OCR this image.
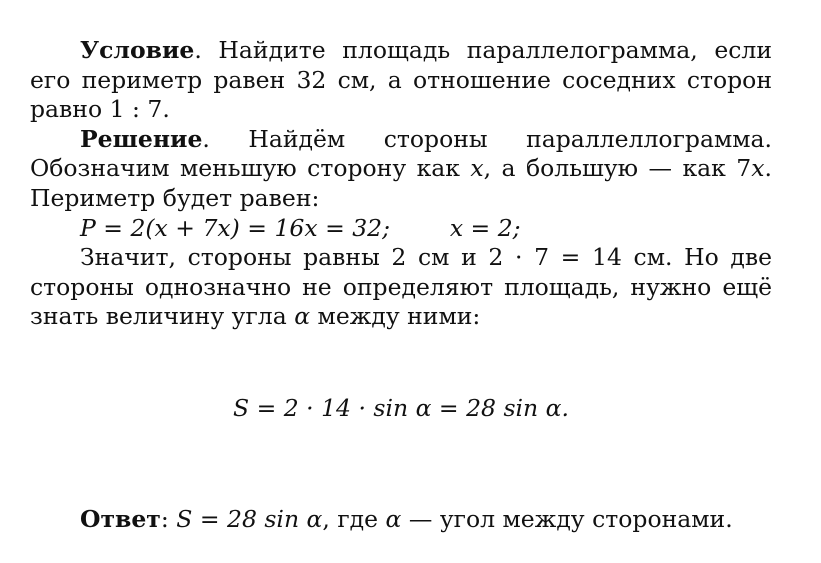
Условие. Найдите площадь параллелограмма, если его периметр равен 32 см, а отношение соседних сторон равно 1 : 7.

Решение. Найдём стороны параллеллограмма. Обозначим меньшую сторону как x, а большую — как 7x. Периметр будет равен:

P = 2(x + 7x) = 16x = 32;        x = 2;

Значит, стороны равны 2 см и 2 · 7 = 14 см. Но две стороны однозначно не определяют площадь, нужно ещё знать величину угла α между ними:

S = 2 · 14 · sin α = 28 sin α.

Ответ: S = 28 sin α, где α — угол между сторонами.
